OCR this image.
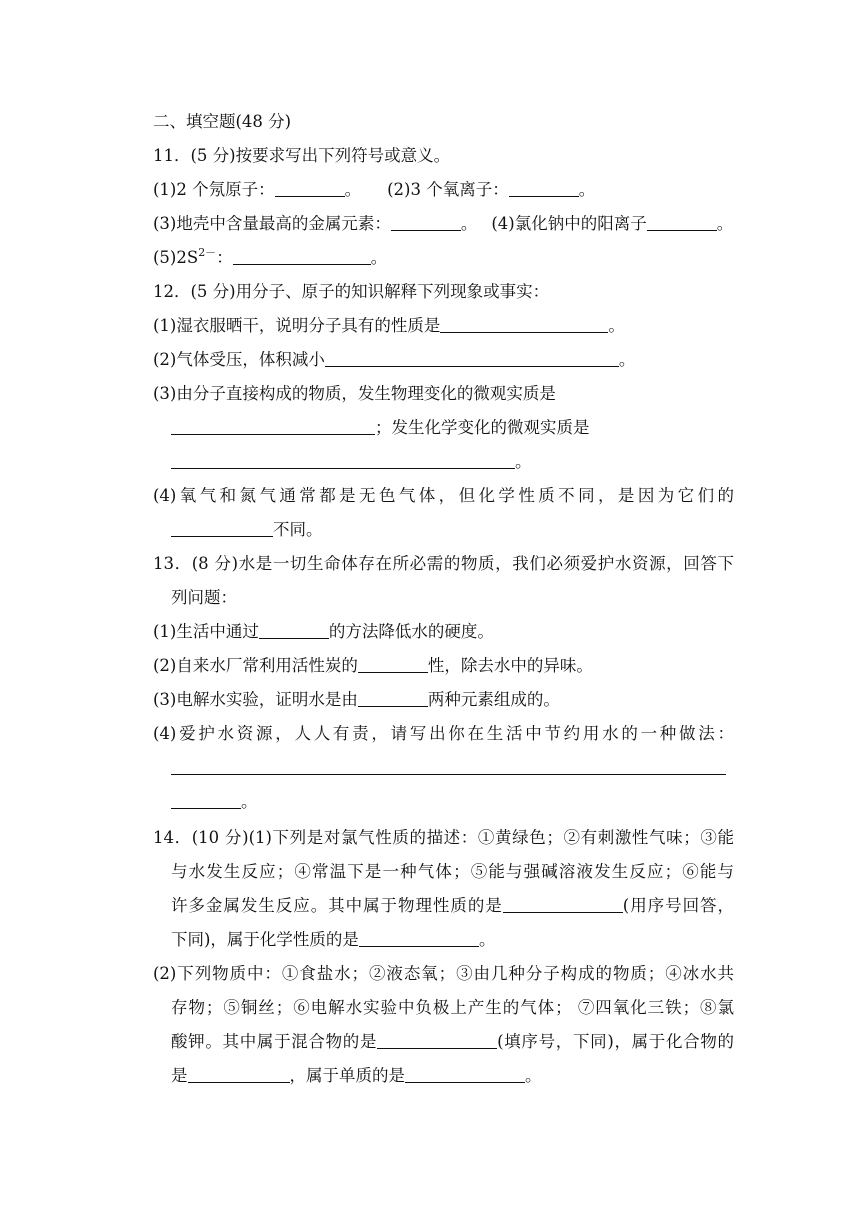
二、填空题(48 分)
11．(5 分)按要求写出下列符号或意义。
(1)2 个氖原子：	。 (2)3 个氧离子：	。
(3)地壳中含量最高的金属元素：	。 (4)氯化钠中的阳离子	。
$(5)2S^{2-}$：	。
12．(5 分)用分子、原子的知识解释下列现象或事实：
(1)湿衣服晒干，说明分子具有的性质是	。
(2)气体受压，体积减小	。
(3)由分子直接构成的物质，发生物理变化的微观实质是
；发生化学变化的微观实质是
。
(4)氧气和氮气通常都是无色气体，但化学性质不同，是因为它们的
不同。
13．(8 分)水是一切生命体存在所必需的物质，我们必须爱护水资源，回答下
列问题：
(1)生活中通过	的方法降低水的硬度。
(2)自来水厂常利用活性炭的	性，除去水中的异味。
(3)电解水实验，证明水是由	两种元素组成的。
(4)爱护水资源，人人有责，请写出你在生活中节约用水的一种做法：
。
14．(10 分)(1)下列是对氯气性质的描述：①黄绿色；②有刺激性气味；③能
与水发生反应；④常温下是一种气体；⑤能与强碱溶液发生反应；⑥能与
许多金属发生反应。其中属于物理性质的是	(用序号回答，
下同)，属于化学性质的是	。
(2)下列物质中：①食盐水；②液态氧；③由几种分子构成的物质；④冰水共
存物；⑤铜丝；⑥电解水实验中负极上产生的气体； ⑦四氧化三铁；⑧氯
酸钾。其中属于混合物的是	(填序号，下同)，属于化合物的
是	，属于单质的是	。
